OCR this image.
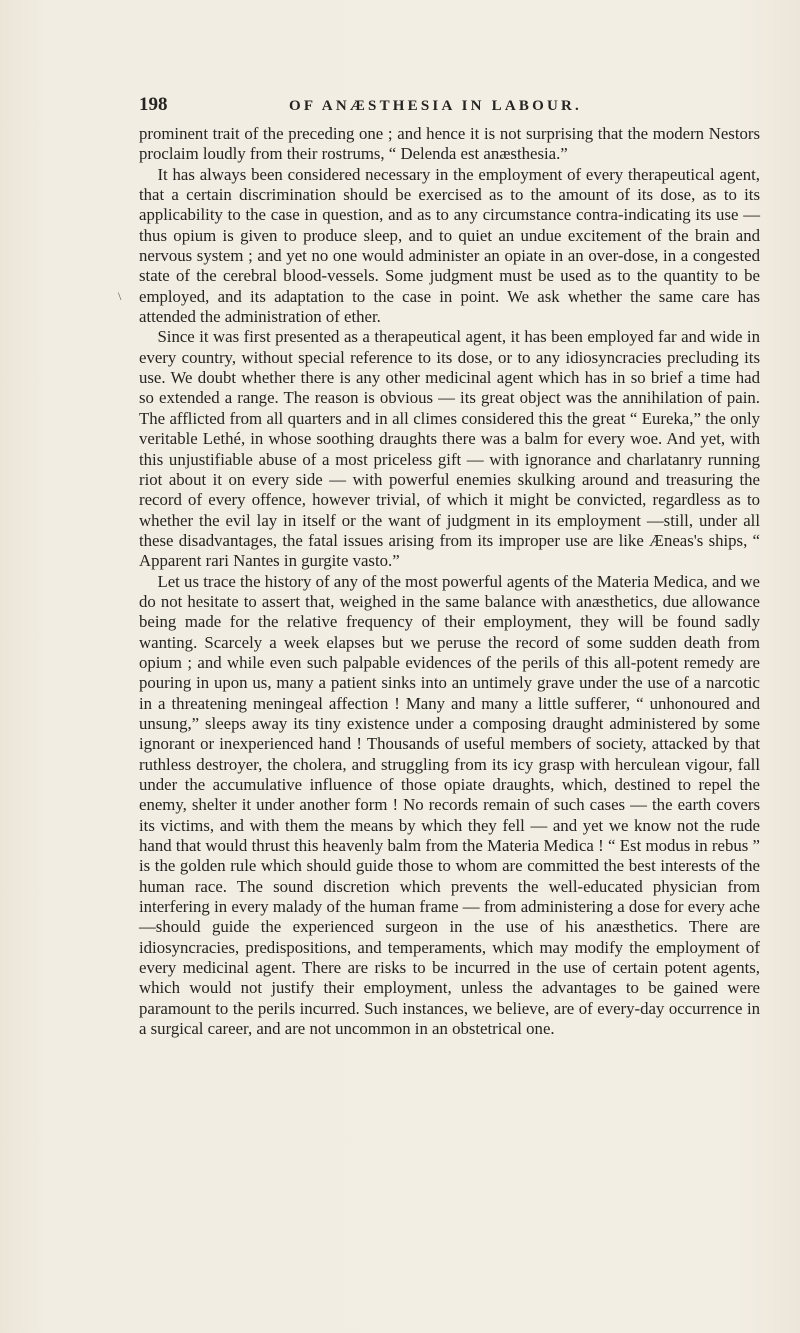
198	OF ANÆSTHESIA IN LABOUR.
\

prominent trait of the preceding one ; and hence it is not surprising that the modern Nestors proclaim loudly from their rostrums, “ Delenda est anæsthesia.”

It has always been considered necessary in the employment of every therapeutical agent, that a certain discrimination should be exercised as to the amount of its dose, as to its applicability to the case in question, and as to any circumstance contra-indicating its use — thus opium is given to produce sleep, and to quiet an undue excitement of the brain and nervous system ; and yet no one would administer an opiate in an over-dose, in a congested state of the cerebral blood-vessels. Some judgment must be used as to the quantity to be employed, and its adaptation to the case in point. We ask whether the same care has attended the administration of ether.

Since it was first presented as a therapeutical agent, it has been employed far and wide in every country, without special reference to its dose, or to any idiosyncracies precluding its use. We doubt whether there is any other medicinal agent which has in so brief a time had so extended a range. The reason is obvious — its great object was the annihilation of pain. The afflicted from all quarters and in all climes considered this the great “ Eureka,” the only veritable Lethé, in whose soothing draughts there was a balm for every woe. And yet, with this unjustifiable abuse of a most priceless gift — with ignorance and charlatanry running riot about it on every side — with powerful enemies skulking around and treasuring the record of every offence, however trivial, of which it might be convicted, regardless as to whether the evil lay in itself or the want of judgment in its employment —still, under all these disadvantages, the fatal issues arising from its improper use are like Æneas's ships, “ Apparent rari Nantes in gurgite vasto.”

Let us trace the history of any of the most powerful agents of the Materia Medica, and we do not hesitate to assert that, weighed in the same balance with anæsthetics, due allowance being made for the relative frequency of their employment, they will be found sadly wanting. Scarcely a week elapses but we peruse the record of some sudden death from opium ; and while even such palpable evidences of the perils of this all-potent remedy are pouring in upon us, many a patient sinks into an untimely grave under the use of a narcotic in a threatening meningeal affection ! Many and many a little sufferer, “ unhonoured and unsung,” sleeps away its tiny existence under a composing draught administered by some ignorant or inexperienced hand ! Thousands of useful members of society, attacked by that ruthless destroyer, the cholera, and struggling from its icy grasp with herculean vigour, fall under the accumulative influence of those opiate draughts, which, destined to repel the enemy, shelter it under another form ! No records remain of such cases — the earth covers its victims, and with them the means by which they fell — and yet we know not the rude hand that would thrust this heavenly balm from the Materia Medica ! “ Est modus in rebus ” is the golden rule which should guide those to whom are committed the best interests of the human race. The sound discretion which prevents the well-educated physician from interfering in every malady of the human frame — from administering a dose for every ache—should guide the experienced surgeon in the use of his anæsthetics. There are idiosyncracies, predispositions, and temperaments, which may modify the employment of every medicinal agent. There are risks to be incurred in the use of certain potent agents, which would not justify their employment, unless the advantages to be gained were paramount to the perils incurred. Such instances, we believe, are of every-day occurrence in a surgical career, and are not uncommon in an obstetrical one.
